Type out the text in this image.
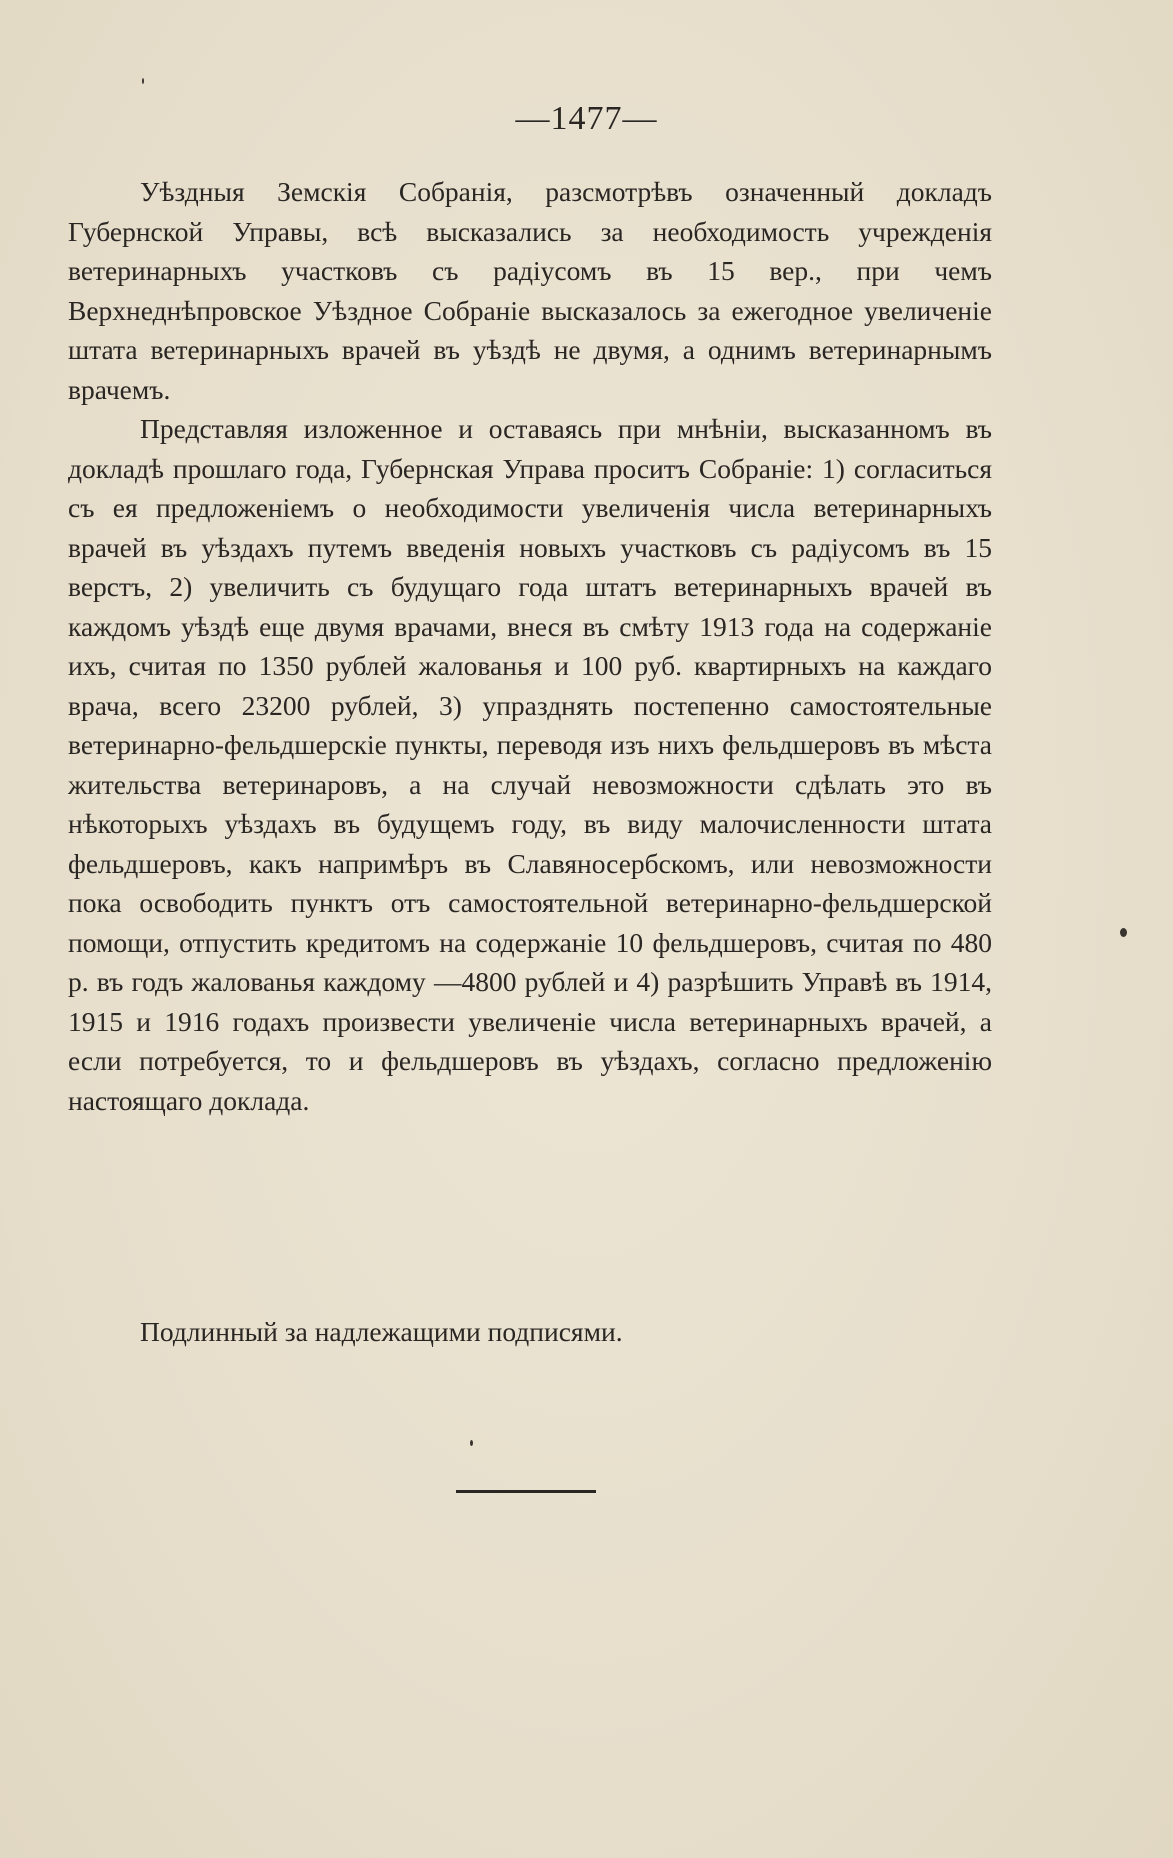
—1477—

Уѣздныя Земскія Собранія, разсмотрѣвъ означенный докладъ Губернской Управы, всѣ высказались за необходимость учрежденія ветеринарныхъ участковъ съ радіусомъ въ 15 вер., при чемъ Верхнеднѣпровское Уѣздное Собраніе высказалось за ежегодное увеличеніе штата ветеринарныхъ врачей въ уѣздѣ не двумя, а однимъ ветеринарнымъ врачемъ.

Представляя изложенное и оставаясь при мнѣніи, высказанномъ въ докладѣ прошлаго года, Губернская Управа проситъ Собраніе: 1) согласиться съ ея предложеніемъ о необходимости увеличенія числа ветеринарныхъ врачей въ уѣздахъ путемъ введенія новыхъ участковъ съ радіусомъ въ 15 верстъ, 2) увеличить съ будущаго года штатъ ветеринарныхъ врачей въ каждомъ уѣздѣ еще двумя врачами, внеся въ смѣту 1913 года на содержаніе ихъ, считая по 1350 рублей жалованья и 100 руб. квартирныхъ на каждаго врача, всего 23200 рублей, 3) упразднять постепенно самостоятельные ветеринарно-фельдшерскіе пункты, переводя изъ нихъ фельдшеровъ въ мѣста жительства ветеринаровъ, а на случай невозможности сдѣлать это въ нѣкоторыхъ уѣздахъ въ будущемъ году, въ виду малочисленности штата фельдшеровъ, какъ напримѣръ въ Славяносербскомъ, или невозможности пока освободить пунктъ отъ самостоятельной ветеринарно-фельдшерской помощи, отпустить кредитомъ на содержаніе 10 фельдшеровъ, считая по 480 р. въ годъ жалованья каждому —4800 рублей и 4) разрѣшить Управѣ въ 1914, 1915 и 1916 годахъ произвести увеличеніе числа ветеринарныхъ врачей, а если потребуется, то и фельдшеровъ въ уѣздахъ, согласно предложенію настоящаго доклада.

Подлинный за надлежащими подписями.
